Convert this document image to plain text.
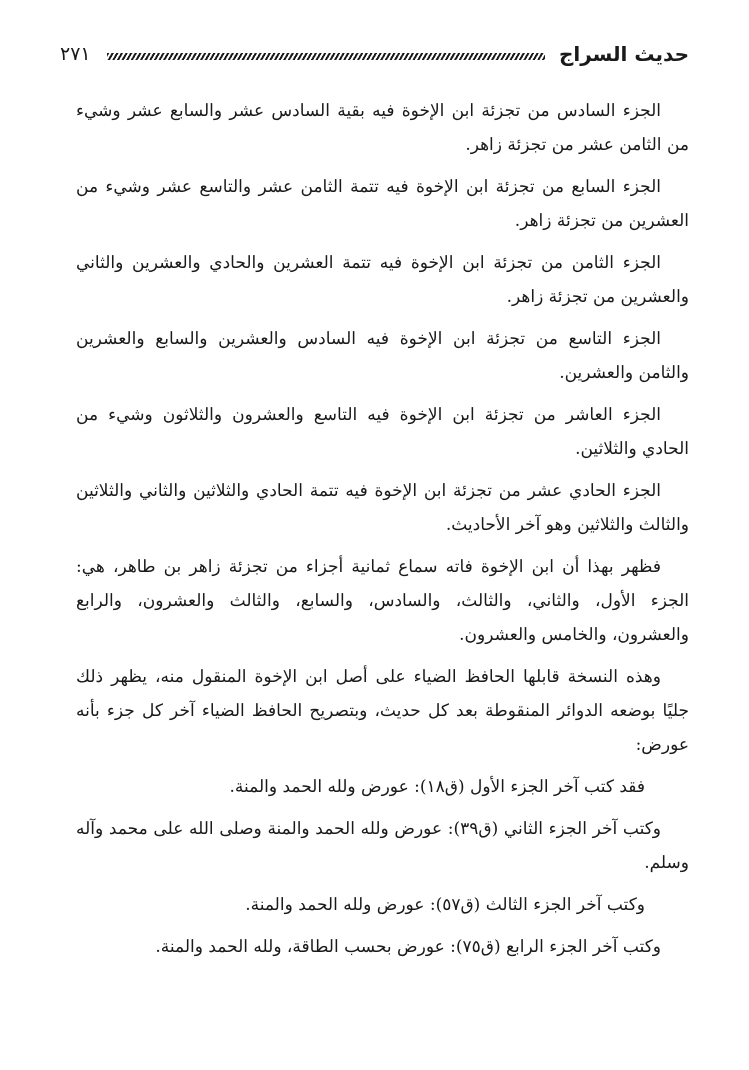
حديث السراج
٢٧١

الجزء السادس من تجزئة ابن الإخوة فيه بقية السادس عشر والسابع عشر وشيء من الثامن عشر من تجزئة زاهر.

الجزء السابع من تجزئة ابن الإخوة فيه تتمة الثامن عشر والتاسع عشر وشيء من العشرين من تجزئة زاهر.

الجزء الثامن من تجزئة ابن الإخوة فيه تتمة العشرين والحادي والعشرين والثاني والعشرين من تجزئة زاهر.

الجزء التاسع من تجزئة ابن الإخوة فيه السادس والعشرين والسابع والعشرين والثامن والعشرين.

الجزء العاشر من تجزئة ابن الإخوة فيه التاسع والعشرون والثلاثون وشيء من الحادي والثلاثين.

الجزء الحادي عشر من تجزئة ابن الإخوة فيه تتمة الحادي والثلاثين والثاني والثلاثين والثالث والثلاثين وهو آخر الأحاديث.

فظهر بهذا أن ابن الإخوة فاته سماع ثمانية أجزاء من تجزئة زاهر بن طاهر، هي: الجزء الأول، والثاني، والثالث، والسادس، والسابع، والثالث والعشرون، والرابع والعشرون، والخامس والعشرون.

وهذه النسخة قابلها الحافظ الضياء على أصل ابن الإخوة المنقول منه، يظهر ذلك جليًا بوضعه الدوائر المنقوطة بعد كل حديث، وبتصريح الحافظ الضياء آخر كل جزء بأنه عورض:

فقد كتب آخر الجزء الأول (ق١٨): عورض ولله الحمد والمنة.

وكتب آخر الجزء الثاني (ق٣٩): عورض ولله الحمد والمنة وصلى الله على محمد وآله وسلم.

وكتب آخر الجزء الثالث (ق٥٧): عورض ولله الحمد والمنة.

وكتب آخر الجزء الرابع (ق٧٥): عورض بحسب الطاقة، ولله الحمد والمنة.
